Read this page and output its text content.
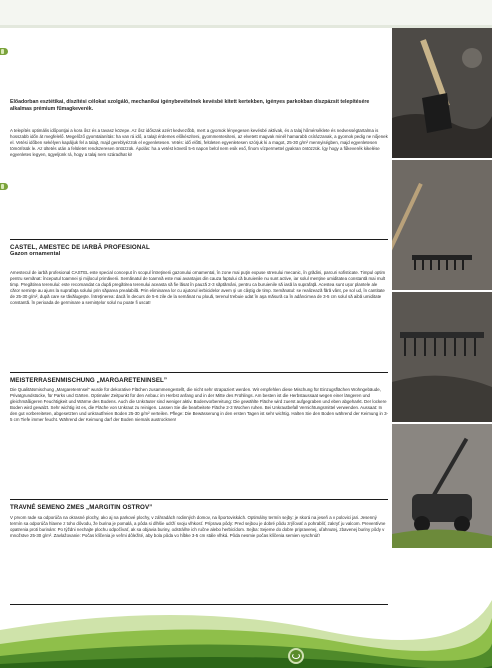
Előadorban esztétikai, díszítési célokat szolgáló, mechanikai igénybevételnek kevésbé kitett kertekben, igényes parkokban díszpázsit telepítésére alkalmas prémium fűmagkeverék.
A telepítés optimális időpontjai a kora ősz és a tavasz közepe. Az ősz időszak azért kedvezőbb, mert a gyomok lényegesen kevésbé aktívak, és a talaj hőmérséklete és nedvességtartalma is hosszabb időn át megfelelő. Megelőző gyomtalanítás: ha van rá idő, a talajt érdemes előkészíteni, gyommentesíteni, az elvetett magvak minél hamarabb csírázzanak, a gyomok pedig ne nőjenek el. Vetési időben sekélyen kapáljuk fel a talajt, majd gereblyézzük el egyenletesen. Vetés: idő előtti, felületen egyenletesen szórjuk ki a magot, 25-30 g/m² mennyiségben, majd egyenletesen tömörítsük le. Az ültetés után a felületet rendszeresen öntözzük. Ápolás: ha a vetést követő 5-6 napon belül nem esik eső, finom vízpermettel gyakran öntözzük. Így hogy a fűkeverék kikelése egyenletes legyen, ügyeljünk rá, hogy a talaj nem száradhat ki!
CASTEL, AMESTEC DE IARBĂ PROFESIONAL
Gazon ornamental
Amestecul de iarbă profesional CASTEL este special conceput în scopul întreţinerii gazonului ornamental, în zone mai puţin expuse stresului mecanic, în grădini, parcuri sofisticate. Timpul optim pentru semănat: începutul toamnei şi mijlocul primăverii. Semănatul de toamnă este mai avantajos din cauza faptului că buruienile nu sunt active, iar solul menţine umiditatea constantă mai mult timp. Pregătirea terenului: este recomandat ca după pregătirea terenului aceasta să fie lăsat în pauză 2-3 săptămâni, pentru ca buruienile să iasă la suprafaţă. Acestea sunt uşor plantele ale căror seminţe au ajuns la suprafaţa solului prin săparea prealabilă. Prin eliminarea lor cu ajutorul ierbicidelor avem şi un câştig de timp. Semănatul: se realizează fără vânt, pe sol ud, în cantitate de 25-30 g/m², după care se tăvălugeşte. Întreţinerea: dacă în decurs de 5-6 zile de la semănat nu plouă, terenul trebuie udat în aşa măsură ca în adâncimea de 3-5 cm solul să aibă umiditate constantă. În perioada de germinare a seminţelor solul nu poate fi uscat!
MEISTERRASENMISCHUNG „MARGARETENINSEL”
Die Qualitätsmischung „MargaretenInsel” wurde für dekorative Flächen zusammengestellt, die nicht sehr strapaziert werden. Wir empfehlen diese Mischung für Einzugsflächen Wohngebäude, Privatgrundstücke, für Parks und Gärten. Optimaler Zeitpunkt für den Anbau: im Herbst anfang und in der Mitte des Frühlings. Am besten ist die Herbstaussaat wegen einer längeren und gleichmäßigeren Feuchtigkeit und Wärme des Bodens. Auch die Unkräuter sind weniger aktiv. Bodenvorbereitung: Die gewählte Fläche wird zuerst aufgegraben und eben abgeharkt. Der lockere Boden wird gewalzt. Sehr wichtig ist es, die Fläche von Unkraut zu reinigen. Lassen Sie die bearbeitete Fläche 2-3 Wochen ruhen. Bei Unkrautbefall Vernichtungsmittel verwenden. Aussaat: In den gut vorbereiteten, abgesetzten und unkrautfreien Boden 25-30 g/m² verteilen. Pflege: Die Bewässerung in den ersten Tagen ist sehr wichtig. Halten Sie den Boden während der Keimung in 3-5 cm Tiefe immer feucht. Während der Keimung darf der Boden niemals austrocknen!
TRAVNÉ SEMENO ZMES „MARGITIN OSTROV”
V prvom rade sa odporúča na okrasné plochy, ako aj na parkové plochy, v záhradách rodinných domov, na športoviskách. Optimálny termín sejby: je skorá na jeseň a v polovici jari. Jesenný termín sa odporúča hlavne z toho dôvodu, že burina je pomalá, a pôda si dlhšie udrží svoju vlhkosť. Príprava pôdy: Pred sejbou je dobré pôdu zrýľovať a pohrabliť, zakryť ju valcom. Preventívne opatrenia proti burinám: Po týždni nechajte plochu odpočívať, ak sa objavia buriny, odstráňte ich ručne alebo herbicídom. Sejba: Sejeme do dobre pripravenej, uľahnutej, zbavenej buriny pôdy v množstve 25-30 g/m². Zavlažovanie: Počas klíčenia je veľmi dôležité, aby bola pôda vo hĺbke 3-5 cm stále vlhká. Pôda nesmie počas klíčenia semien vyschnúť!
